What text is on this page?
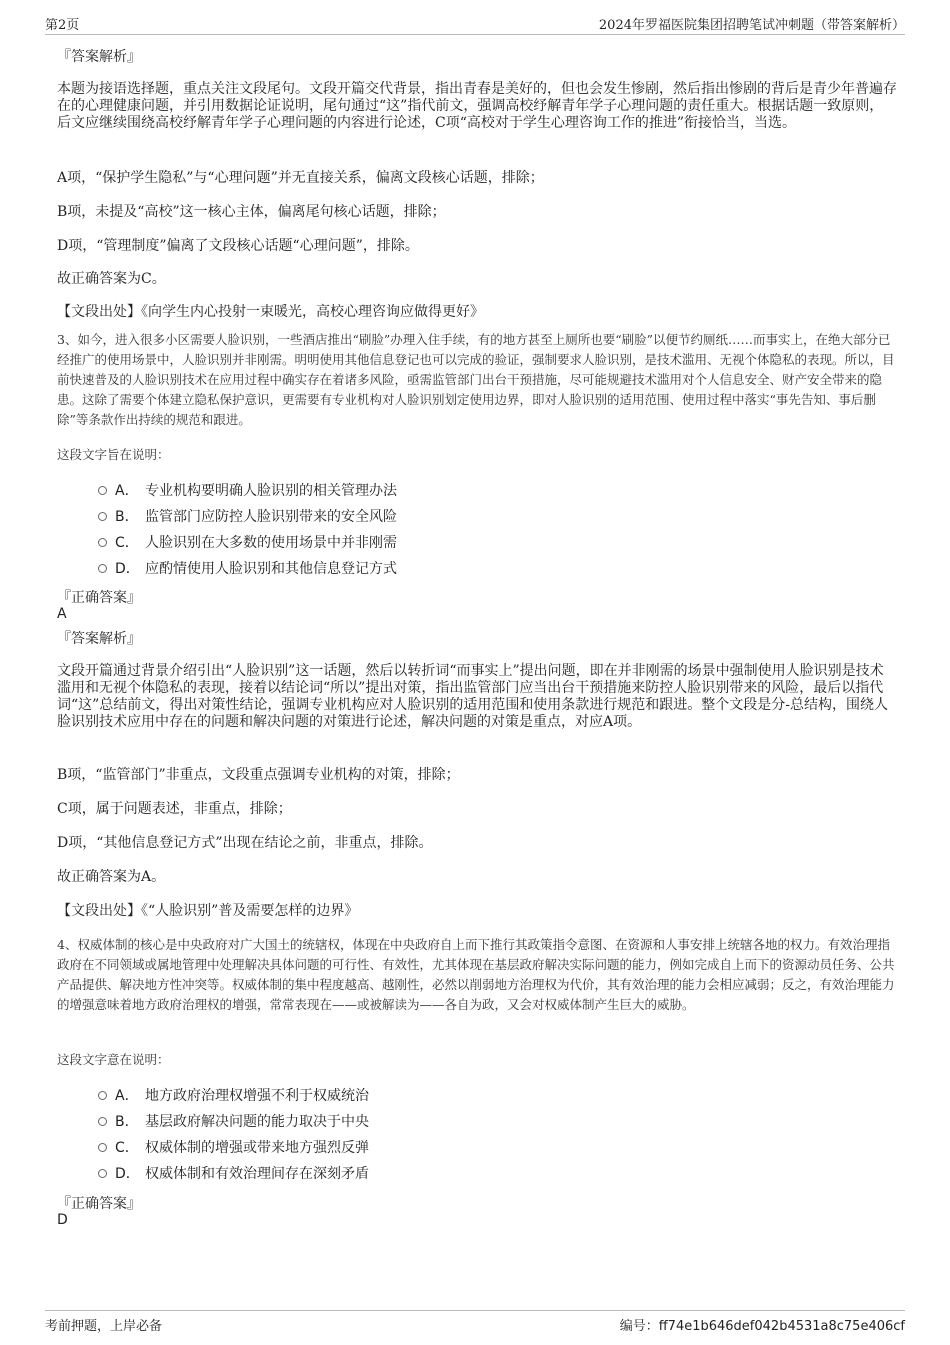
第2页	2024年罗福医院集团招聘笔试冲刺题（带答案解析）
『答案解析』
本题为接语选择题，重点关注文段尾句。文段开篇交代背景，指出青春是美好的，但也会发生惨剧，然后指出惨剧的背后是青少年普遍存在的心理健康问题，并引用数据论证说明，尾句通过“这”指代前文，强调高校纾解青年学子心理问题的责任重大。根据话题一致原则，后文应继续围绕高校纾解青年学子心理问题的内容进行论述，C项“高校对于学生心理咨询工作的推进”衔接恰当，当选。
A项，“保护学生隐私”与“心理问题”并无直接关系，偏离文段核心话题，排除；
B项，未提及“高校”这一核心主体，偏离尾句核心话题，排除；
D项，“管理制度”偏离了文段核心话题“心理问题”，排除。
故正确答案为C。
【文段出处】《向学生内心投射一束暖光，高校心理咨询应做得更好》
3、如今，进入很多小区需要人脸识别，一些酒店推出“刷脸”办理入住手续，有的地方甚至上厕所也要“刷脸”以便节约厕纸……而事实上，在绝大部分已经推广的使用场景中，人脸识别并非刚需。明明使用其他信息登记也可以完成的验证，强制要求人脸识别，是技术滥用、无视个体隐私的表现。所以，目前快速普及的人脸识别技术在应用过程中确实存在着诸多风险，亟需监管部门出台干预措施，尽可能规避技术滥用对个人信息安全、财产安全带来的隐患。这除了需要个体建立隐私保护意识，更需要有专业机构对人脸识别划定使用边界，即对人脸识别的适用范围、使用过程中落实“事先告知、事后删除”等条款作出持续的规范和跟进。
这段文字旨在说明：
A． 专业机构要明确人脸识别的相关管理办法
B． 监管部门应防控人脸识别带来的安全风险
C． 人脸识别在大多数的使用场景中并非刚需
D． 应酌情使用人脸识别和其他信息登记方式
『正确答案』
A
『答案解析』
文段开篇通过背景介绍引出“人脸识别”这一话题，然后以转折词“而事实上”提出问题，即在并非刚需的场景中强制使用人脸识别是技术滥用和无视个体隐私的表现，接着以结论词“所以”提出对策，指出监管部门应当出台干预措施来防控人脸识别带来的风险，最后以指代词“这”总结前文，得出对策性结论，强调专业机构应对人脸识别的适用范围和使用条款进行规范和跟进。整个文段是分-总结构，围绕人脸识别技术应用中存在的问题和解决问题的对策进行论述，解决问题的对策是重点，对应A项。
B项，“监管部门”非重点，文段重点强调专业机构的对策，排除；
C项，属于问题表述，非重点，排除；
D项，“其他信息登记方式”出现在结论之前，非重点，排除。
故正确答案为A。
【文段出处】《“人脸识别”普及需要怎样的边界》
4、权威体制的核心是中央政府对广大国土的统辖权，体现在中央政府自上而下推行其政策指令意图、在资源和人事安排上统辖各地的权力。有效治理指政府在不同领域或属地管理中处理解决具体问题的可行性、有效性，尤其体现在基层政府解决实际问题的能力，例如完成自上而下的资源动员任务、公共产品提供、解决地方性冲突等。权威体制的集中程度越高、越刚性，必然以削弱地方治理权为代价，其有效治理的能力会相应减弱；反之，有效治理能力的增强意味着地方政府治理权的增强，常常表现在——或被解读为——各自为政，又会对权威体制产生巨大的威胁。
这段文字意在说明：
A． 地方政府治理权增强不利于权威统治
B． 基层政府解决问题的能力取决于中央
C． 权威体制的增强或带来地方强烈反弹
D． 权威体制和有效治理间存在深刻矛盾
『正确答案』
D
考前押题，上岸必备	编号：ff74e1b646def042b4531a8c75e406cf
